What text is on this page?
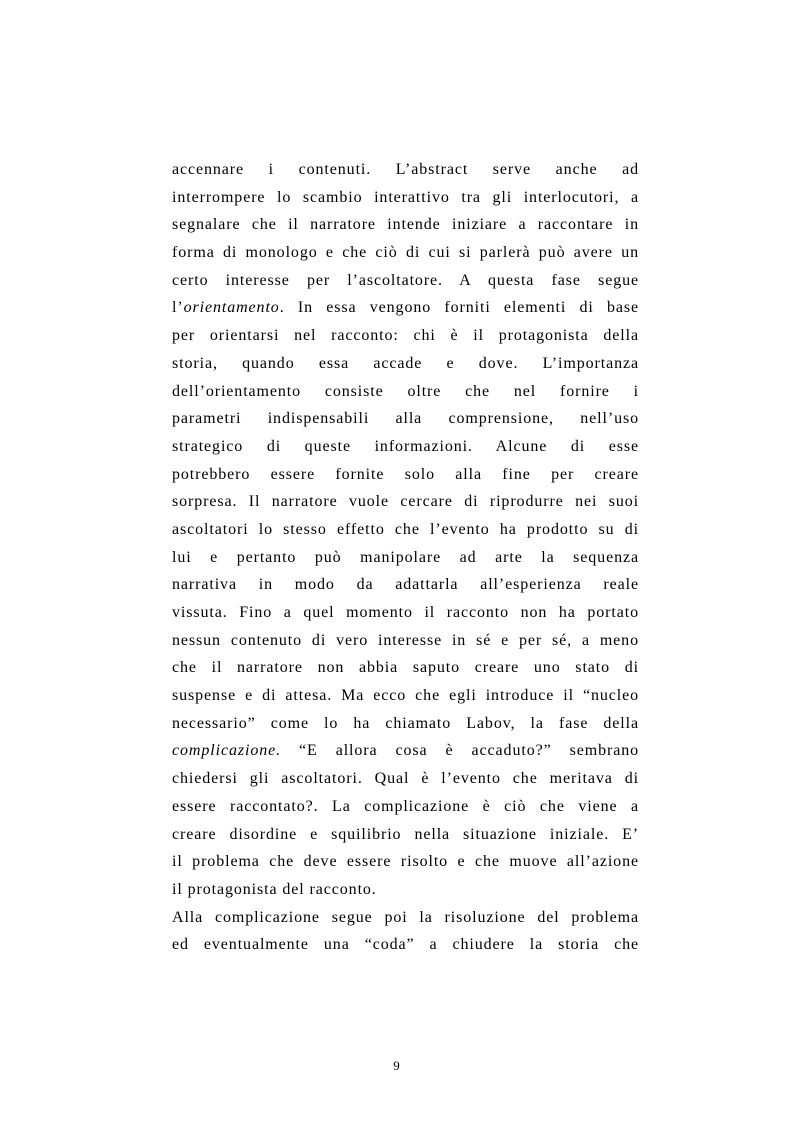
accennare i contenuti. L’abstract serve anche ad
interrompere lo scambio interattivo tra gli interlocutori, a
segnalare che il narratore intende iniziare a raccontare in
forma di monologo e che ciò di cui si parlerà può avere un
certo interesse per l’ascoltatore. A questa fase segue
l’orientamento. In essa vengono forniti elementi di base
per orientarsi nel racconto: chi è il protagonista della
storia, quando essa accade e dove. L’importanza
dell’orientamento consiste oltre che nel fornire i
parametri indispensabili alla comprensione, nell’uso
strategico di queste informazioni. Alcune di esse
potrebbero essere fornite solo alla fine per creare
sorpresa. Il narratore vuole cercare di riprodurre nei suoi
ascoltatori lo stesso effetto che l’evento ha prodotto su di
lui e pertanto può manipolare ad arte la sequenza
narrativa in modo da adattarla all’esperienza reale
vissuta. Fino a quel momento il racconto non ha portato
nessun contenuto di vero interesse in sé e per sé, a meno
che il narratore non abbia saputo creare uno stato di
suspense e di attesa. Ma ecco che egli introduce il “nucleo
necessario” come lo ha chiamato Labov, la fase della
complicazione. “E allora cosa è accaduto?” sembrano
chiedersi gli ascoltatori. Qual è l’evento che meritava di
essere raccontato?. La complicazione è ciò che viene a
creare disordine e squilibrio nella situazione iniziale. E’
il problema che deve essere risolto e che muove all’azione
il protagonista del racconto.
Alla complicazione segue poi la risoluzione del problema
ed eventualmente una “coda” a chiudere la storia che
9
